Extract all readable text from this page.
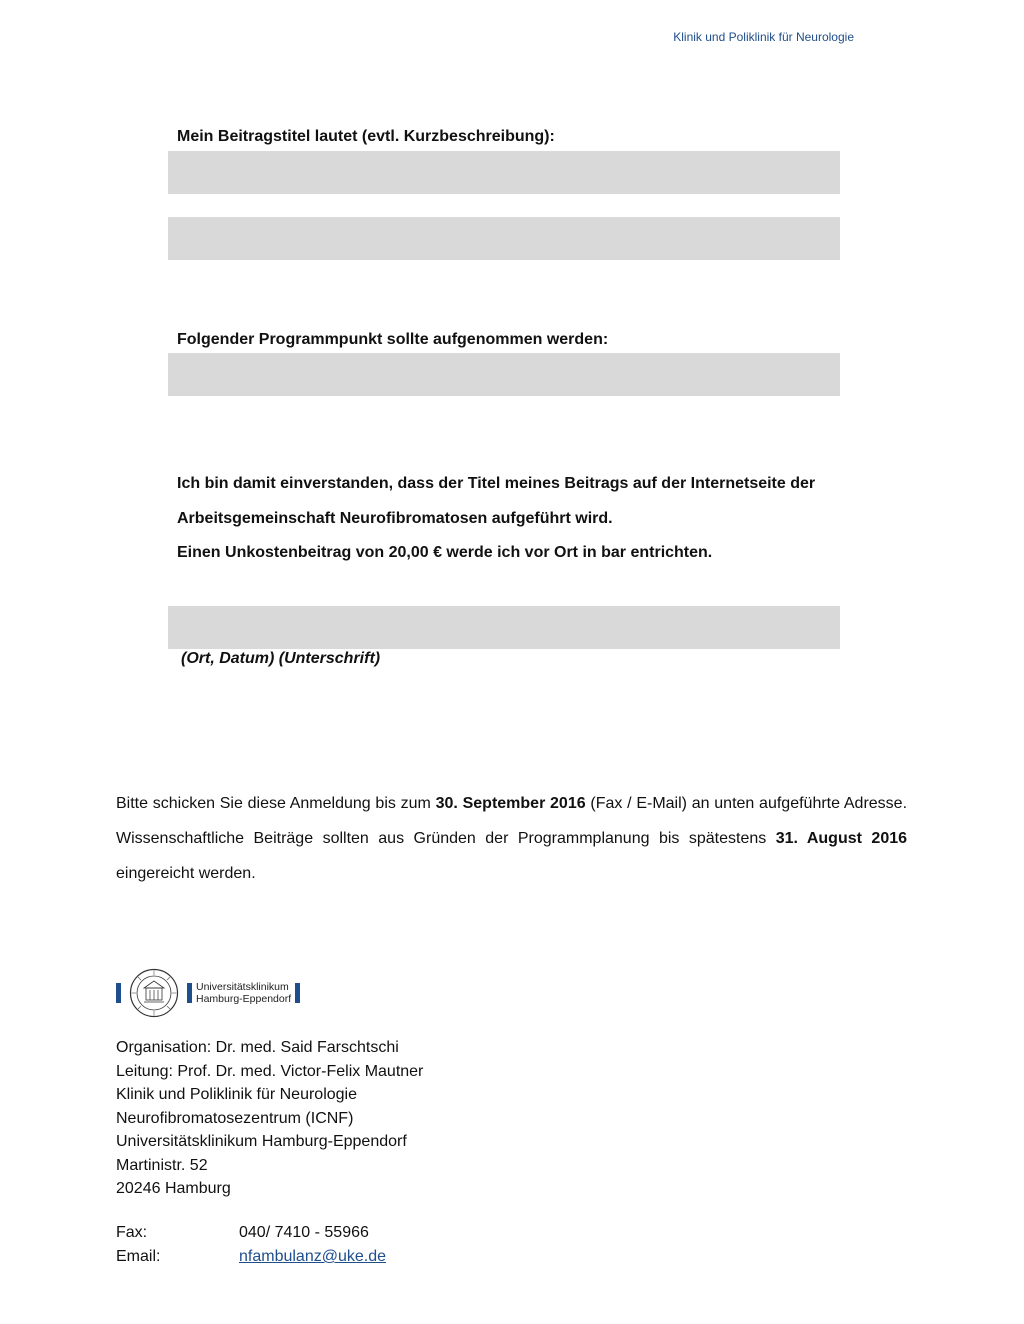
Klinik und Poliklinik für Neurologie
Mein Beitragstitel lautet (evtl. Kurzbeschreibung):
Folgender Programmpunkt sollte aufgenommen werden:
Ich bin damit einverstanden, dass der Titel meines Beitrags auf der Internetseite der
Arbeitsgemeinschaft Neurofibromatosen aufgeführt wird.
Einen Unkostenbeitrag von 20,00 € werde ich vor Ort in bar entrichten.
(Ort, Datum) (Unterschrift)
Bitte schicken Sie diese Anmeldung bis zum 30. September 2016 (Fax / E-Mail) an unten aufgeführte Adresse. Wissenschaftliche Beiträge sollten aus Gründen der Programmplanung bis spätestens 31. August 2016 eingereicht werden.
Universitätsklinikum
Hamburg-Eppendorf
Organisation: Dr. med. Said Farschtschi
Leitung: Prof. Dr. med. Victor-Felix Mautner
Klinik und Poliklinik für Neurologie
Neurofibromatosezentrum (ICNF)
Universitätsklinikum Hamburg-Eppendorf
Martinistr. 52
20246 Hamburg
Fax:	040/ 7410 - 55966
Email:	nfambulanz@uke.de
